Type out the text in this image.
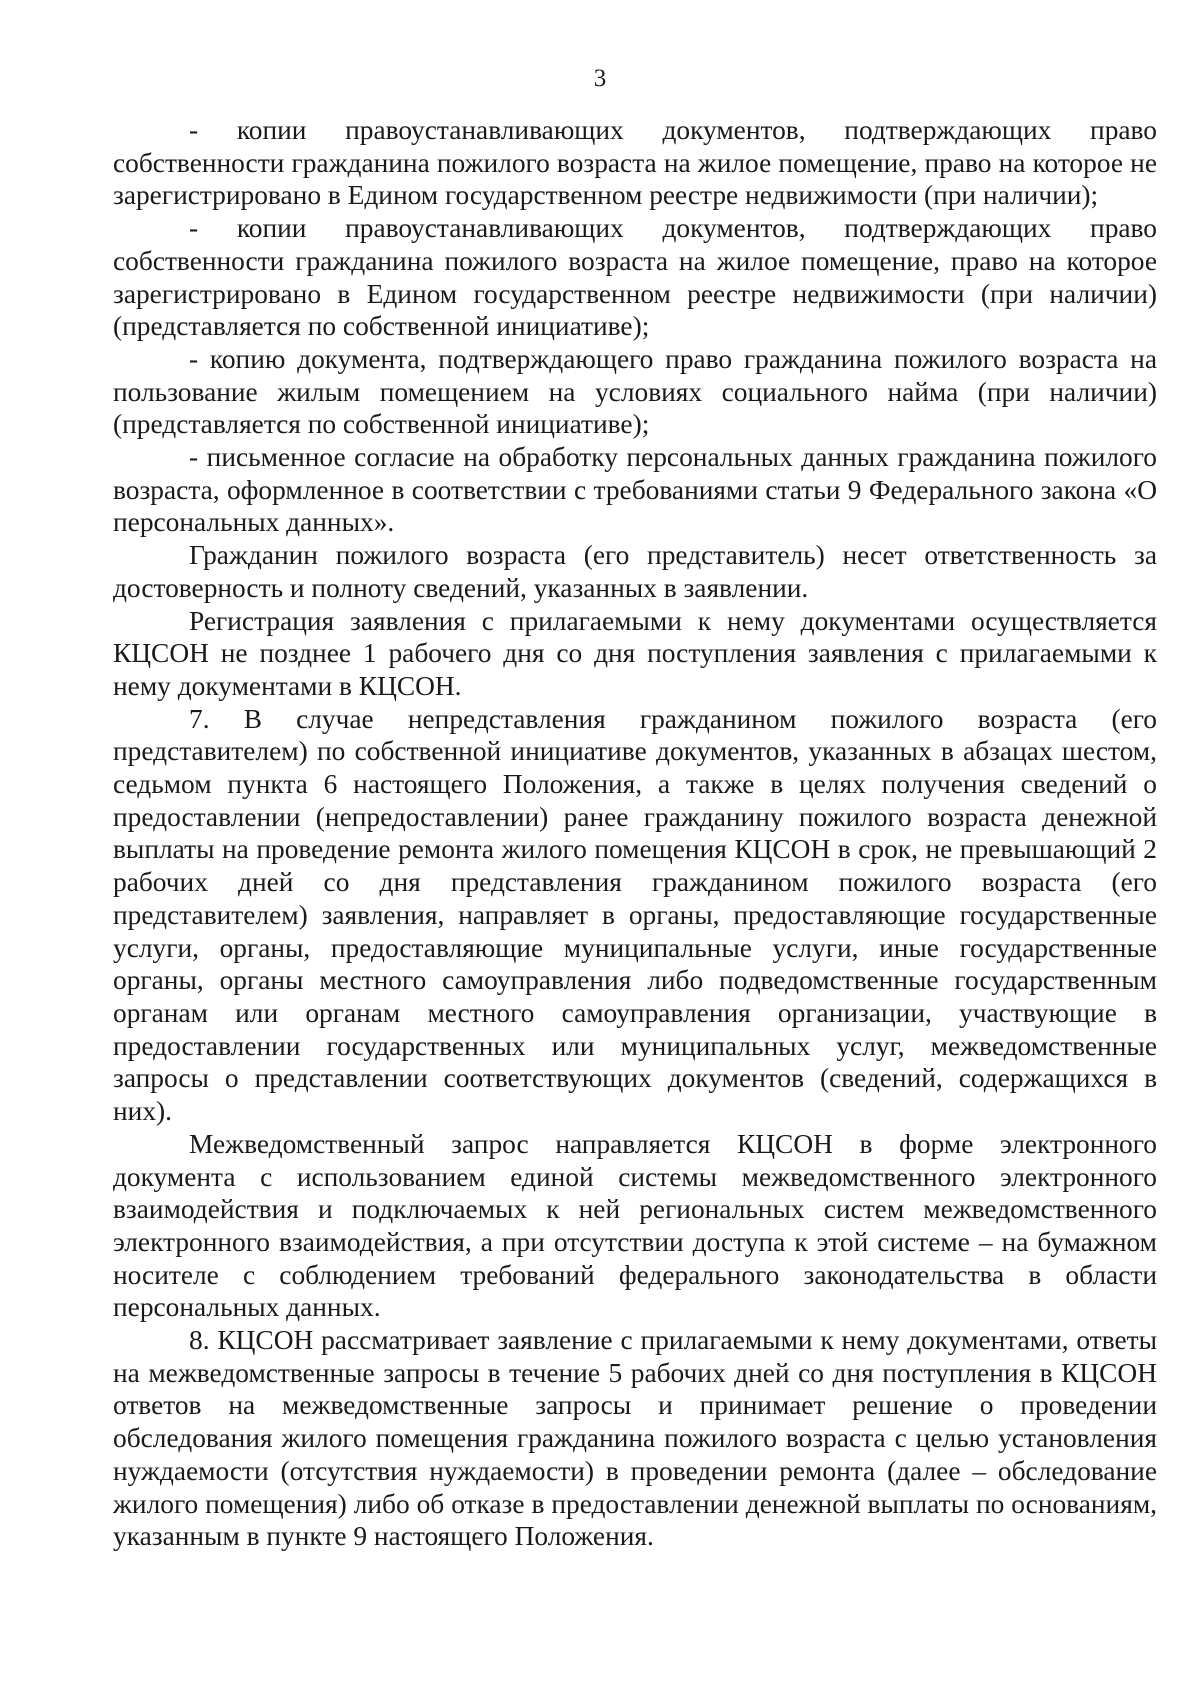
3

- копии правоустанавливающих документов, подтверждающих право собственности гражданина пожилого возраста на жилое помещение, право на которое не зарегистрировано в Едином государственном реестре недвижимости (при наличии);

- копии правоустанавливающих документов, подтверждающих право собственности гражданина пожилого возраста на жилое помещение, право на которое зарегистрировано в Едином государственном реестре недвижимости (при наличии) (представляется по собственной инициативе);

- копию документа, подтверждающего право гражданина пожилого возраста на пользование жилым помещением на условиях социального найма (при наличии) (представляется по собственной инициативе);

- письменное согласие на обработку персональных данных гражданина пожилого возраста, оформленное в соответствии с требованиями статьи 9 Федерального закона «О персональных данных».

Гражданин пожилого возраста (его представитель) несет ответственность за достоверность и полноту сведений, указанных в заявлении.

Регистрация заявления с прилагаемыми к нему документами осуществляется КЦСОН не позднее 1 рабочего дня со дня поступления заявления с прилагаемыми к нему документами в КЦСОН.

7. В случае непредставления гражданином пожилого возраста (его представителем) по собственной инициативе документов, указанных в абзацах шестом, седьмом пункта 6 настоящего Положения, а также в целях получения сведений о предоставлении (непредоставлении) ранее гражданину пожилого возраста денежной выплаты на проведение ремонта жилого помещения КЦСОН в срок, не превышающий 2 рабочих дней со дня представления гражданином пожилого возраста (его представителем) заявления, направляет в органы, предоставляющие государственные услуги, органы, предоставляющие муниципальные услуги, иные государственные органы, органы местного самоуправления либо подведомственные государственным органам или органам местного самоуправления организации, участвующие в предоставлении государственных или муниципальных услуг, межведомственные запросы о представлении соответствующих документов (сведений, содержащихся в них).

Межведомственный запрос направляется КЦСОН в форме электронного документа с использованием единой системы межведомственного электронного взаимодействия и подключаемых к ней региональных систем межведомственного электронного взаимодействия, а при отсутствии доступа к этой системе – на бумажном носителе с соблюдением требований федерального законодательства в области персональных данных.

8. КЦСОН рассматривает заявление с прилагаемыми к нему документами, ответы на межведомственные запросы в течение 5 рабочих дней со дня поступления в КЦСОН ответов на межведомственные запросы и принимает решение о проведении обследования жилого помещения гражданина пожилого возраста с целью установления нуждаемости (отсутствия нуждаемости) в проведении ремонта (далее – обследование жилого помещения) либо об отказе в предоставлении денежной выплаты по основаниям, указанным в пункте 9 настоящего Положения.
